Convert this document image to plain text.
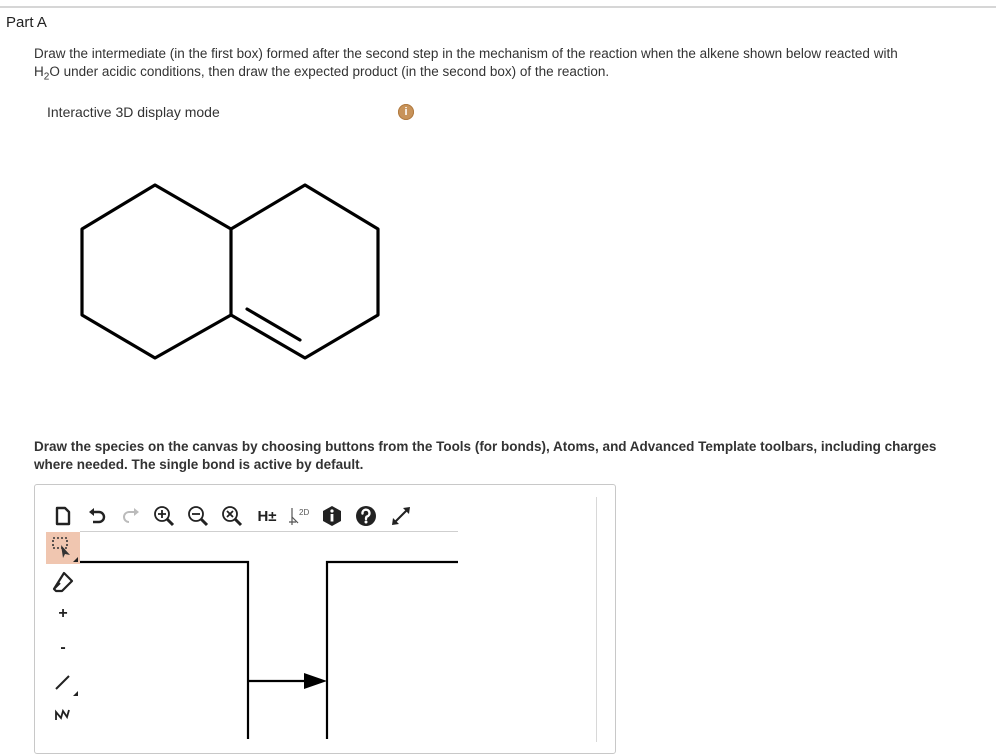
Part A
Draw the intermediate (in the first box) formed after the second step in the mechanism of the reaction when the alkene shown below reacted with
$H_2O$ under acidic conditions, then draw the expected product (in the second box) of the reaction.
Interactive 3D display mode	i
Draw the species on the canvas by choosing buttons from the Tools (for bonds), Atoms, and Advanced Template toolbars, including charges where needed. The single bond is active by default.
H±	2D
+
-
